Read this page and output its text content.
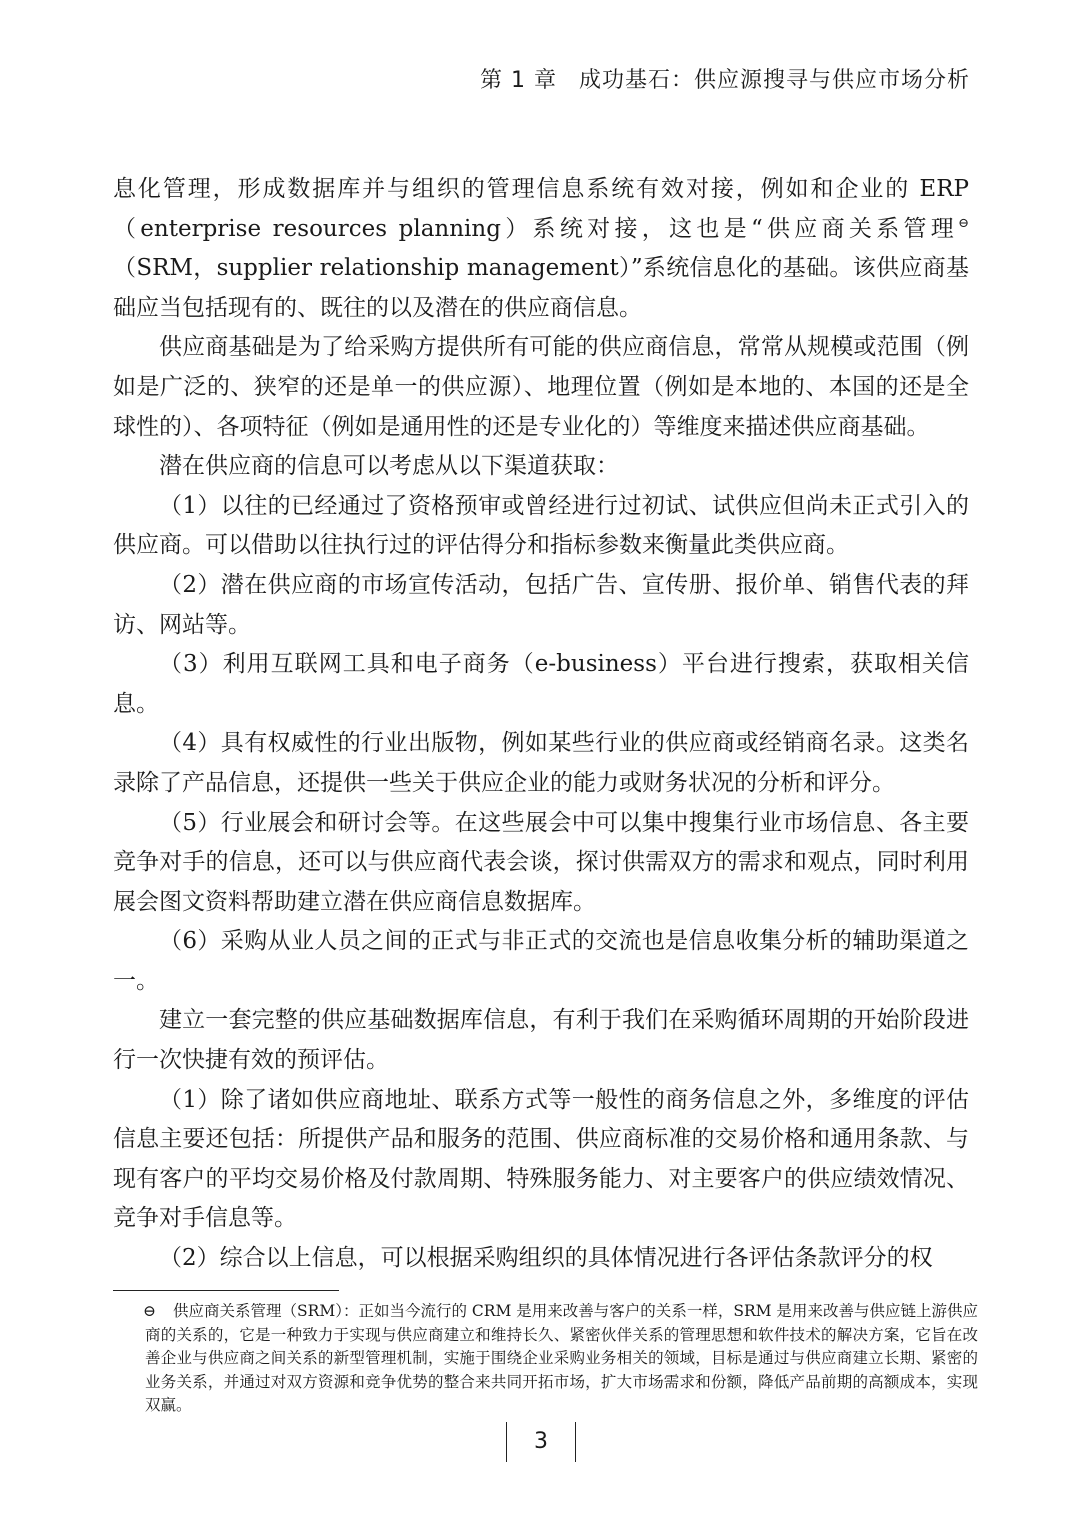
第 1 章 成功基石：供应源搜寻与供应市场分析

息化管理，形成数据库并与组织的管理信息系统有效对接，例如和企业的 ERP（enterprise resources planning）系统对接，这也是“供应商关系管理⊖（SRM，supplier relationship management）”系统信息化的基础。该供应商基础应当包括现有的、既往的以及潜在的供应商信息。

供应商基础是为了给采购方提供所有可能的供应商信息，常常从规模或范围（例如是广泛的、狭窄的还是单一的供应源）、地理位置（例如是本地的、本国的还是全球性的）、各项特征（例如是通用性的还是专业化的）等维度来描述供应商基础。

潜在供应商的信息可以考虑从以下渠道获取：

（1）以往的已经通过了资格预审或曾经进行过初试、试供应但尚未正式引入的供应商。可以借助以往执行过的评估得分和指标参数来衡量此类供应商。

（2）潜在供应商的市场宣传活动，包括广告、宣传册、报价单、销售代表的拜访、网站等。

（3）利用互联网工具和电子商务（e-business）平台进行搜索，获取相关信息。

（4）具有权威性的行业出版物，例如某些行业的供应商或经销商名录。这类名录除了产品信息，还提供一些关于供应企业的能力或财务状况的分析和评分。

（5）行业展会和研讨会等。在这些展会中可以集中搜集行业市场信息、各主要竞争对手的信息，还可以与供应商代表会谈，探讨供需双方的需求和观点，同时利用展会图文资料帮助建立潜在供应商信息数据库。

（6）采购从业人员之间的正式与非正式的交流也是信息收集分析的辅助渠道之一。

建立一套完整的供应基础数据库信息，有利于我们在采购循环周期的开始阶段进行一次快捷有效的预评估。

（1）除了诸如供应商地址、联系方式等一般性的商务信息之外，多维度的评估信息主要还包括：所提供产品和服务的范围、供应商标准的交易价格和通用条款、与现有客户的平均交易价格及付款周期、特殊服务能力、对主要客户的供应绩效情况、竞争对手信息等。

（2）综合以上信息，可以根据采购组织的具体情况进行各评估条款评分的权

⊖	供应商关系管理（SRM）：正如当今流行的 CRM 是用来改善与客户的关系一样，SRM 是用来改善与供应链上游供应商的关系的，它是一种致力于实现与供应商建立和维持长久、紧密伙伴关系的管理思想和软件技术的解决方案，它旨在改善企业与供应商之间关系的新型管理机制，实施于围绕企业采购业务相关的领域，目标是通过与供应商建立长期、紧密的业务关系，并通过对双方资源和竞争优势的整合来共同开拓市场，扩大市场需求和份额，降低产品前期的高额成本，实现双赢。
3
